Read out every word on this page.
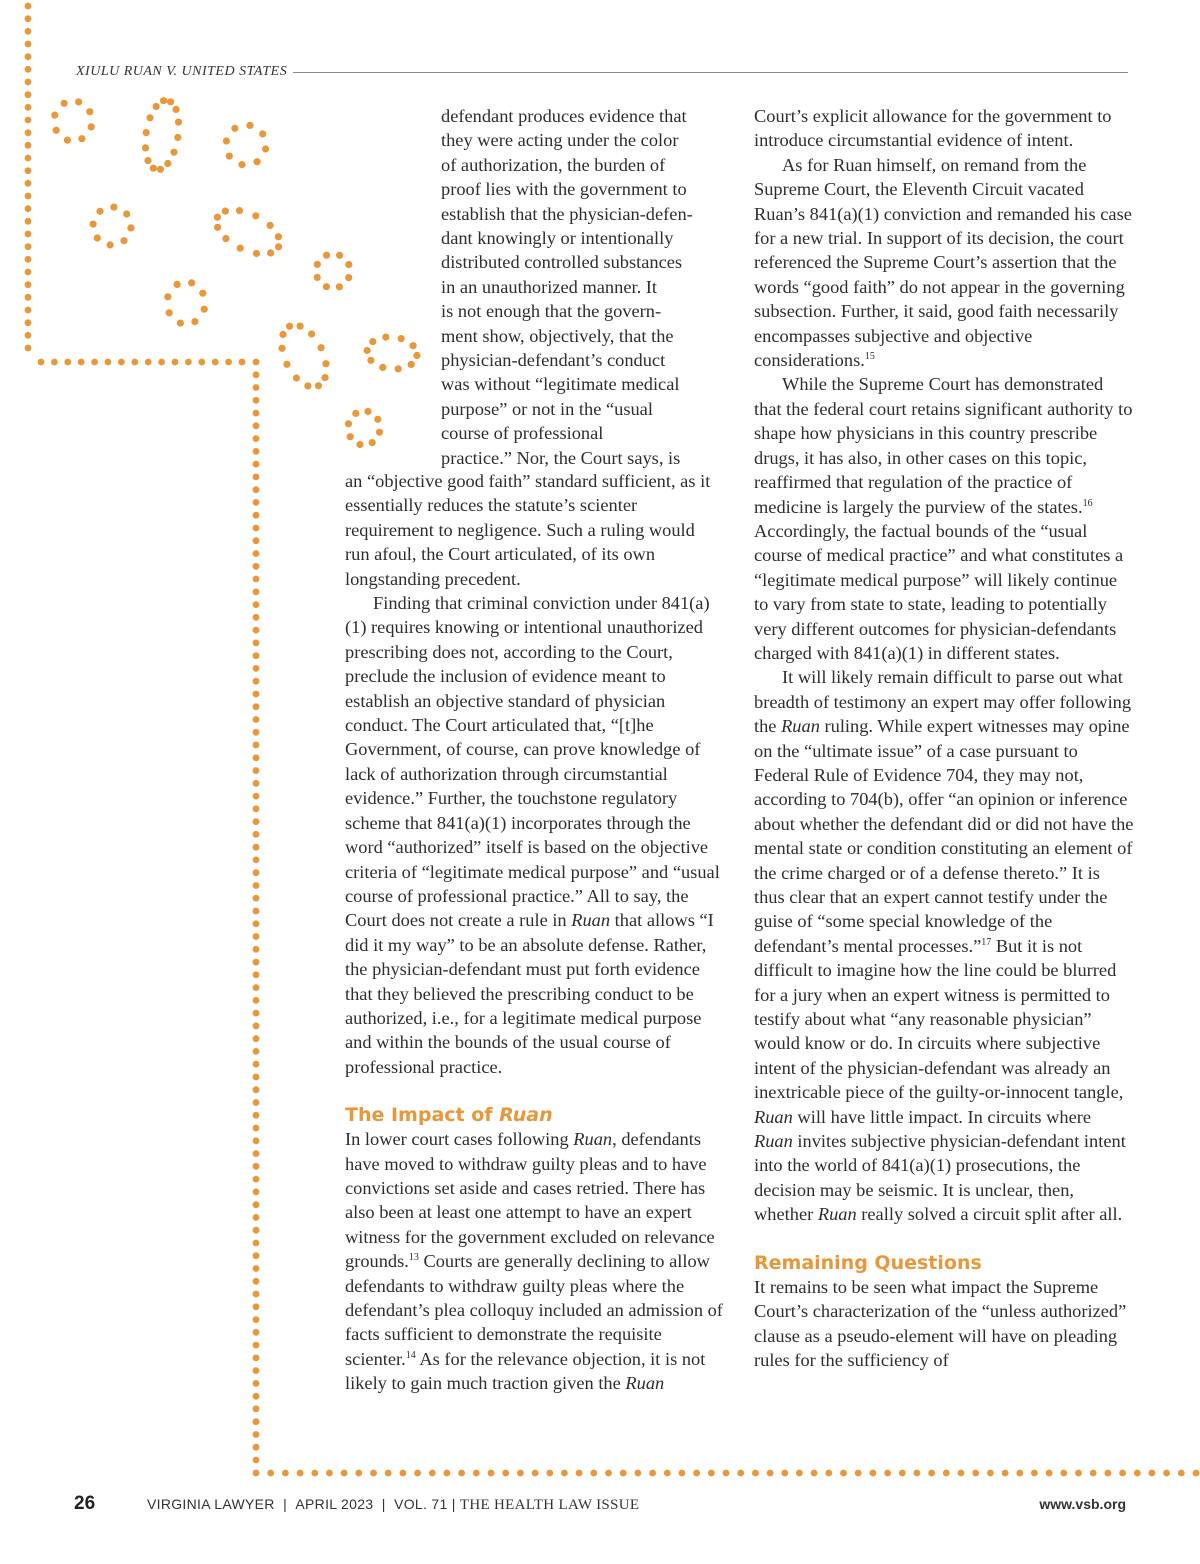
XIULU RUAN V. UNITED STATES

defendant produces evidence that
they were acting under the color
of authorization, the burden of
proof lies with the government to
establish that the physician-defen-
dant knowingly or intentionally
distributed controlled substances
in an unauthorized manner. It
is not enough that the govern-
ment show, objectively, that the
physician-defendant’s conduct
was without “legitimate medical
purpose” or not in the “usual
course of professional
practice.” Nor, the Court says, is

an “objective good faith” standard sufficient, as it essentially reduces the statute’s scienter requirement to negligence. Such a ruling would run afoul, the Court articulated, of its own longstanding precedent.

Finding that criminal conviction under 841(a)(1) requires knowing or intentional unauthorized prescribing does not, according to the Court, preclude the inclusion of evidence meant to establish an objective standard of physician conduct. The Court articulated that, “[t]he Government, of course, can prove knowledge of lack of authorization through circumstantial evidence.” Further, the touchstone regulatory scheme that 841(a)(1) incorporates through the word “authorized” itself is based on the objective criteria of “legitimate medical purpose” and “usual course of professional practice.” All to say, the Court does not create a rule in Ruan that allows “I did it my way” to be an absolute defense. Rather, the physician-defendant must put forth evidence that they believed the prescribing conduct to be authorized, i.e., for a legitimate medical purpose and within the bounds of the usual course of professional practice.

The Impact of Ruan

In lower court cases following Ruan, defendants have moved to withdraw guilty pleas and to have convictions set aside and cases retried. There has also been at least one attempt to have an expert witness for the government excluded on relevance grounds.$^{13}$ Courts are generally declining to allow defendants to withdraw guilty pleas where the defendant’s plea colloquy included an admission of facts sufficient to demonstrate the requisite scienter.$^{14}$ As for the relevance objection, it is not likely to gain much traction given the Ruan

Court’s explicit allowance for the government to introduce circumstantial evidence of intent.

As for Ruan himself, on remand from the Supreme Court, the Eleventh Circuit vacated Ruan’s 841(a)(1) conviction and remanded his case for a new trial. In support of its decision, the court referenced the Supreme Court’s assertion that the words “good faith” do not appear in the governing subsection. Further, it said, good faith necessarily encompasses subjective and objective considerations.$^{15}$

While the Supreme Court has demonstrated that the federal court retains significant authority to shape how physicians in this country prescribe drugs, it has also, in other cases on this topic, reaffirmed that regulation of the practice of medicine is largely the purview of the states.$^{16}$ Accordingly, the factual bounds of the “usual course of medical practice” and what constitutes a “legitimate medical purpose” will likely continue to vary from state to state, leading to potentially very different outcomes for physician-defendants charged with 841(a)(1) in different states.

It will likely remain difficult to parse out what breadth of testimony an expert may offer following the Ruan ruling. While expert witnesses may opine on the “ultimate issue” of a case pursuant to Federal Rule of Evidence 704, they may not, according to 704(b), offer “an opinion or inference about whether the defendant did or did not have the mental state or condition constituting an element of the crime charged or of a defense thereto.” It is thus clear that an expert cannot testify under the guise of “some special knowledge of the defendant’s mental processes.”$^{17}$ But it is not difficult to imagine how the line could be blurred for a jury when an expert witness is permitted to testify about what “any reasonable physician” would know or do. In circuits where subjective intent of the physician-defendant was already an inextricable piece of the guilty-or-innocent tangle, Ruan will have little impact. In circuits where Ruan invites subjective physician-defendant intent into the world of 841(a)(1) prosecutions, the decision may be seismic. It is unclear, then, whether Ruan really solved a circuit split after all.

Remaining Questions

It remains to be seen what impact the Supreme Court’s characterization of the “unless authorized” clause as a pseudo-element will have on pleading rules for the sufficiency of

26	VIRGINIA LAWYER | APRIL 2023 | VOL. 71 | THE HEALTH LAW ISSUE	www.vsb.org
